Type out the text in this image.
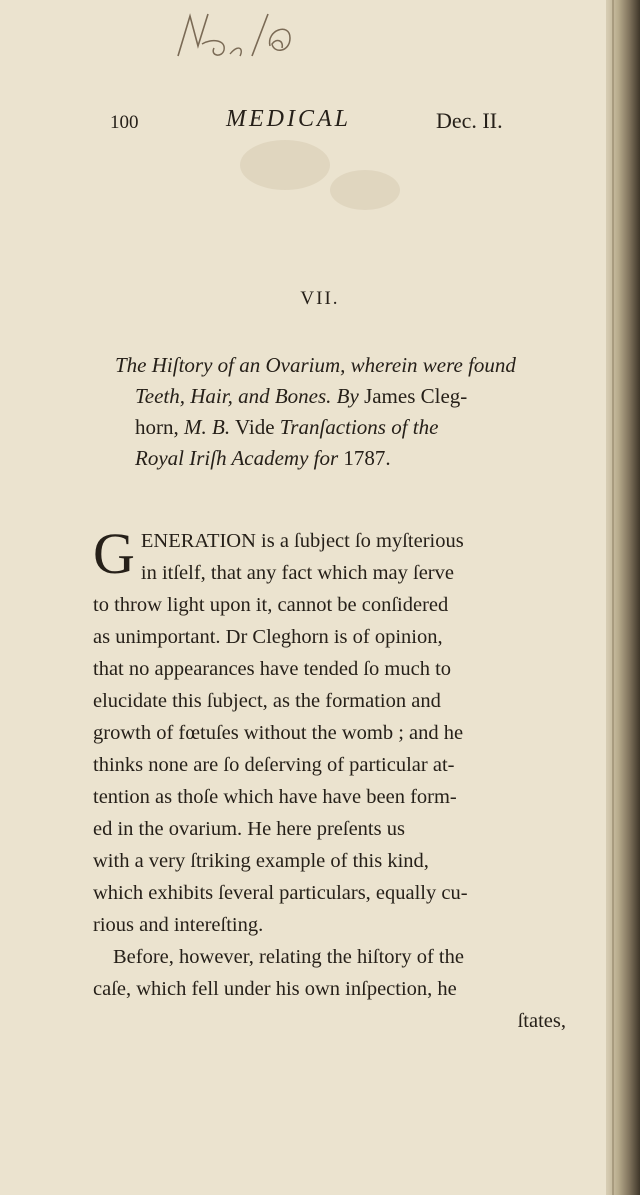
100	MEDICAL	Dec. II.
VII.
The Hiſtory of an Ovarium, wherein were found
Teeth, Hair, and Bones. By James Cleg-
horn, M. B. Vide Tranſactions of the
Royal Iriſh Academy for 1787.
G ENERATION is a ſubject ſo myſterious
in itſelf, that any fact which may ſerve
to throw light upon it, cannot be conſidered
as unimportant. Dr Cleghorn is of opinion,
that no appearances have tended ſo much to
elucidate this ſubject, as the formation and
growth of fœtuſes without the womb ; and he
thinks none are ſo deſerving of particular at-
tention as thoſe which have have been form-
ed in the ovarium. He here preſents us
with a very ſtriking example of this kind,
which exhibits ſeveral particulars, equally cu-
rious and intereſting.
Before, however, relating the hiſtory of the
caſe, which fell under his own inſpection, he
ſtates,
